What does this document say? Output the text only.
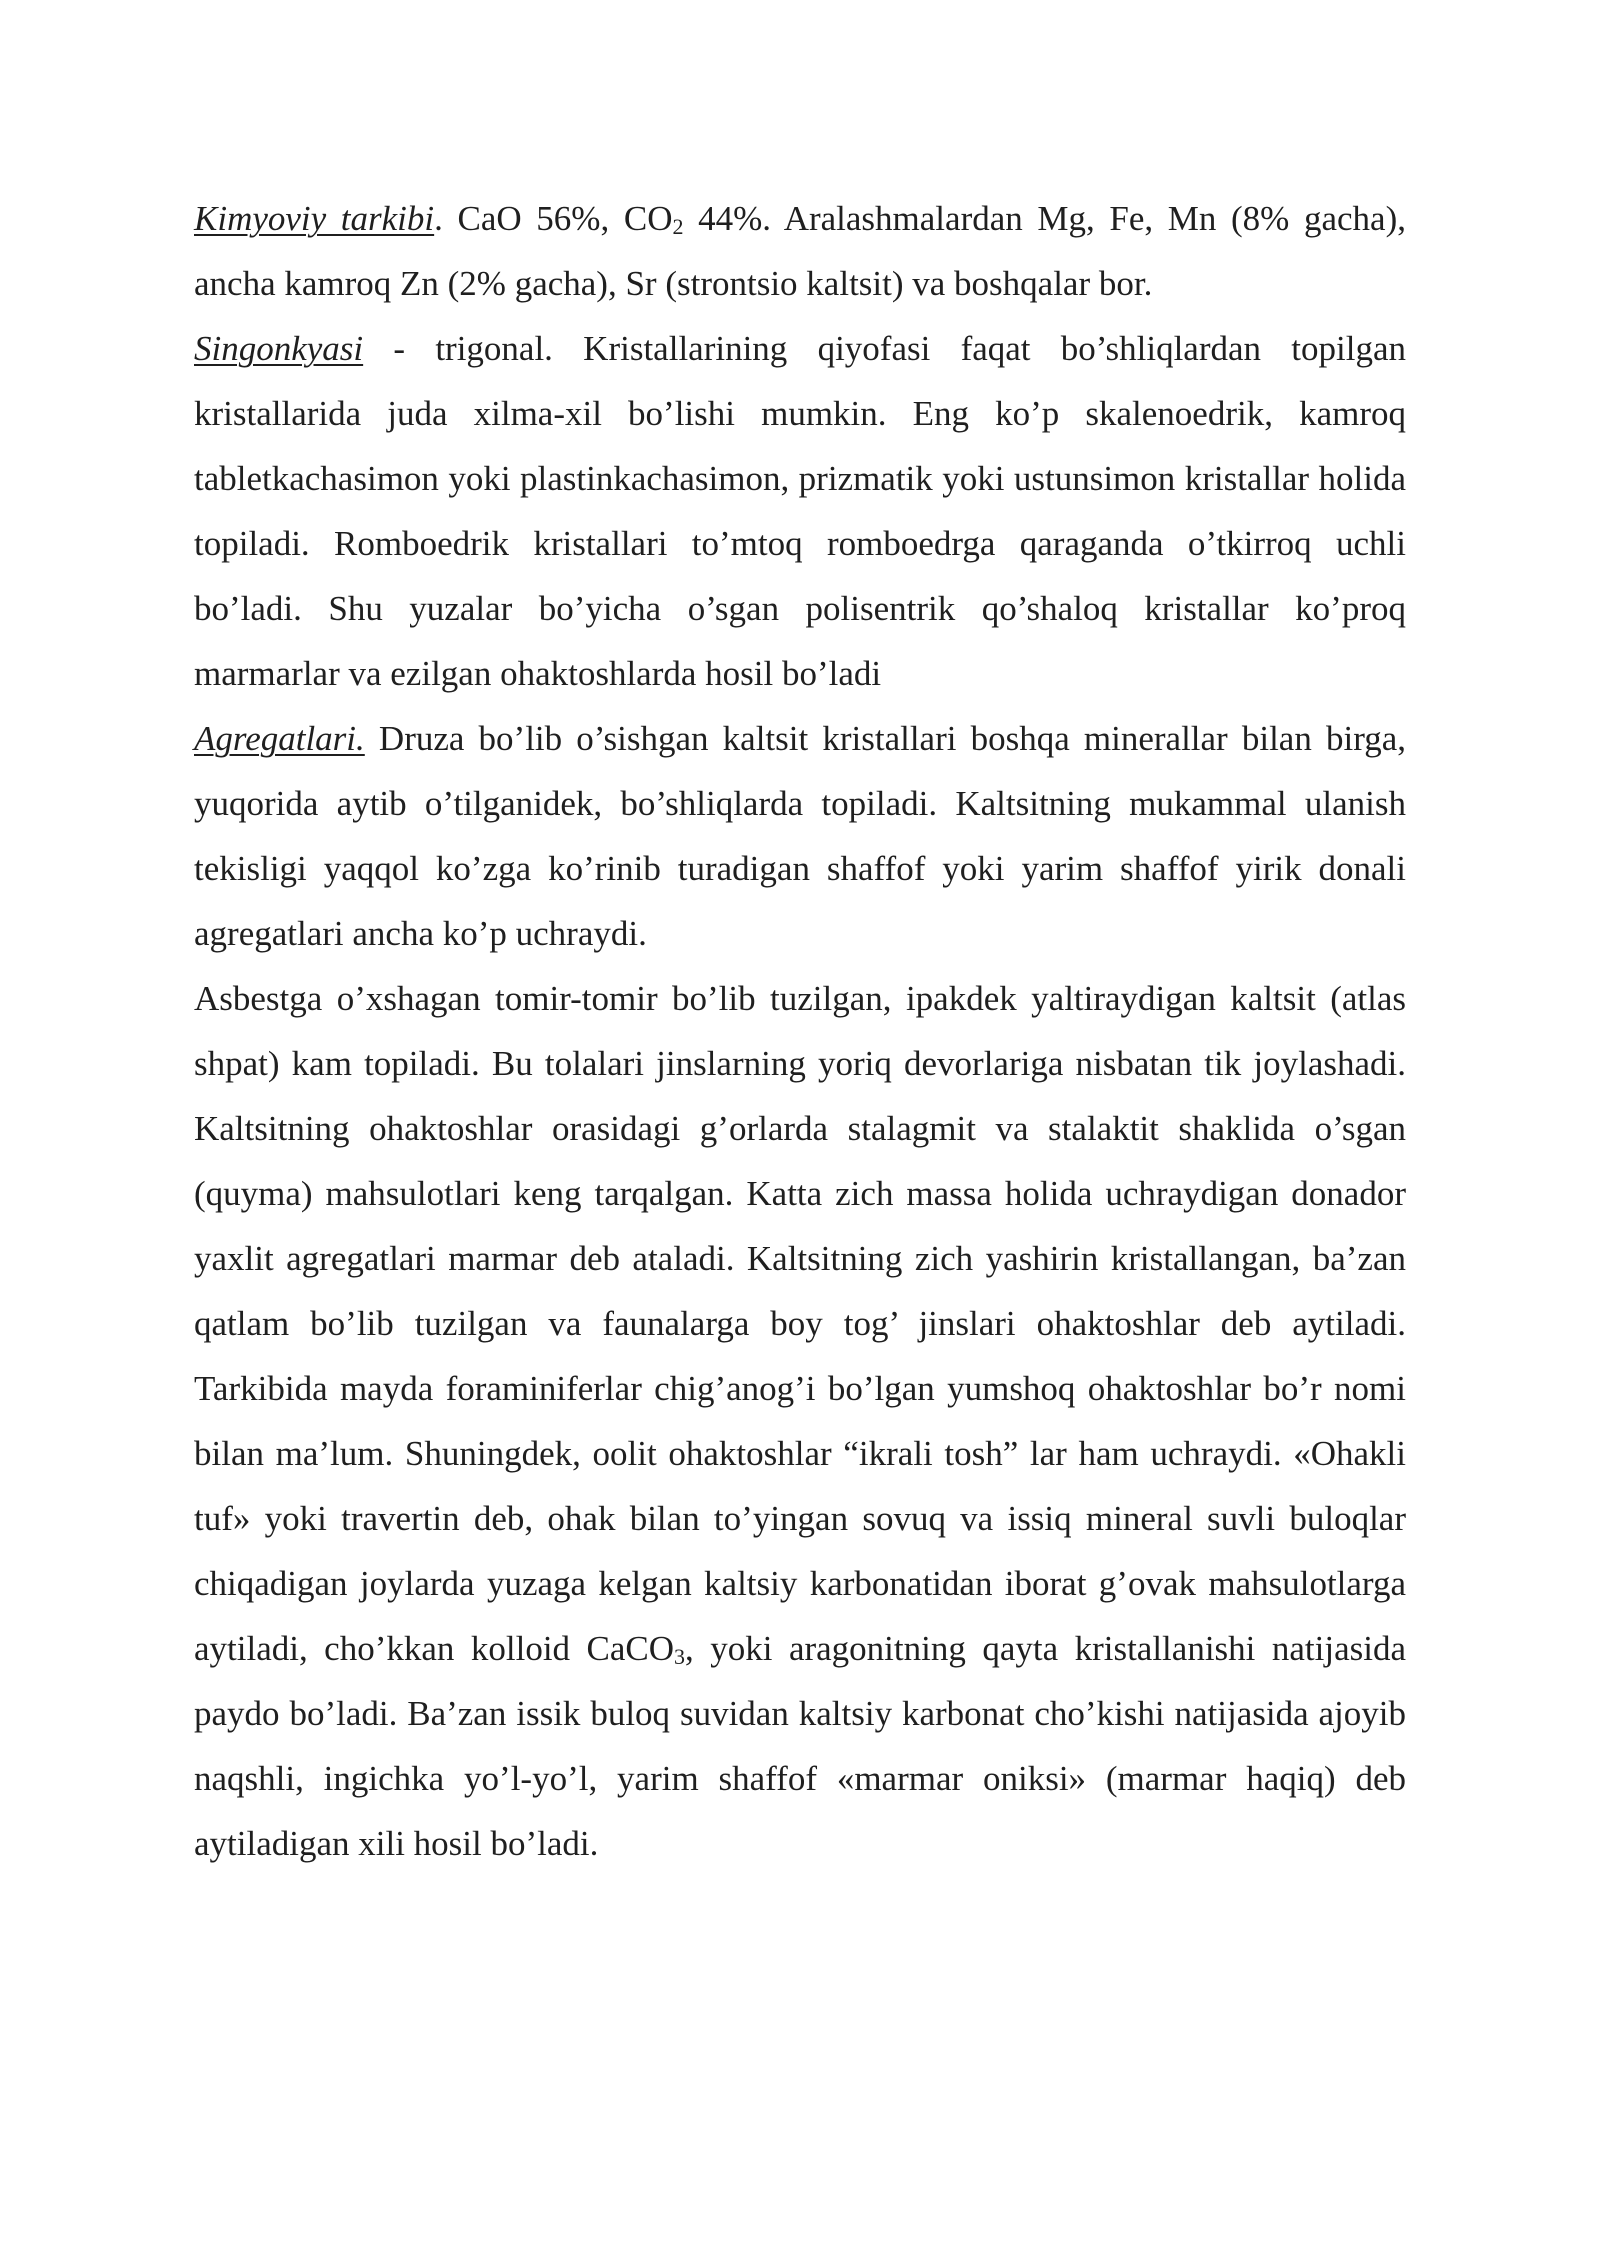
Kimyoviy tarkibi. CaO 56%, $CO_2$ 44%. Aralashmalardan Mg, Fe, Mn (8% gacha), ancha kamroq Zn (2% gacha), Sr (strontsio kaltsit) va boshqalar bor.

Singonkyasi - trigonal. Kristallarining qiyofasi faqat bo’shliqlardan topilgan kristallarida juda xilma-xil bo’lishi mumkin. Eng ko’p skalenoedrik, kamroq tabletkachasimon yoki plastinkachasimon, prizmatik yoki ustunsimon kristallar holida topiladi. Romboedrik kristallari to’mtoq romboedrga qaraganda o’tkirroq uchli bo’ladi. Shu yuzalar bo’yicha o’sgan polisentrik qo’shaloq kristallar ko’proq marmarlar va ezilgan ohaktoshlarda hosil bo’ladi

Agregatlari. Druza bo’lib o’sishgan kaltsit kristallari boshqa minerallar bilan birga, yuqorida aytib o’tilganidek, bo’shliqlarda topiladi. Kaltsitning mukammal ulanish tekisligi yaqqol ko’zga ko’rinib turadigan shaffof yoki yarim shaffof yirik donali agregatlari ancha ko’p uchraydi.

Asbestga o’xshagan tomir-tomir bo’lib tuzilgan, ipakdek yaltiraydigan kaltsit (atlas shpat) kam topiladi. Bu tolalari jinslarning yoriq devorlariga nisbatan tik joylashadi. Kaltsitning ohaktoshlar orasidagi g’orlarda stalagmit va stalaktit shaklida o’sgan (quyma) mahsulotlari keng tarqalgan. Katta zich massa holida uchraydigan donador yaxlit agregatlari marmar deb ataladi. Kaltsitning zich yashirin kristallangan, ba’zan qatlam bo’lib tuzilgan va faunalarga boy tog’ jinslari ohaktoshlar deb aytiladi. Tarkibida mayda foraminiferlar chig’anog’i bo’lgan yumshoq ohaktoshlar bo’r nomi bilan ma’lum. Shuningdek, oolit ohaktoshlar “ikrali tosh” lar ham uchraydi. «Ohakli tuf» yoki travertin deb, ohak bilan to’yingan sovuq va issiq mineral suvli buloqlar chiqadigan joylarda yuzaga kelgan kaltsiy karbonatidan iborat g’ovak mahsulotlarga aytiladi, cho’kkan kolloid CaCO$_3$, yoki aragonitning qayta kristallanishi natijasida paydo bo’ladi. Ba’zan issik buloq suvidan kaltsiy karbonat cho’kishi natijasida ajoyib naqshli, ingichka yo’l-yo’l, yarim shaffof «marmar oniksi» (marmar haqiq) deb aytiladigan xili hosil bo’ladi.
